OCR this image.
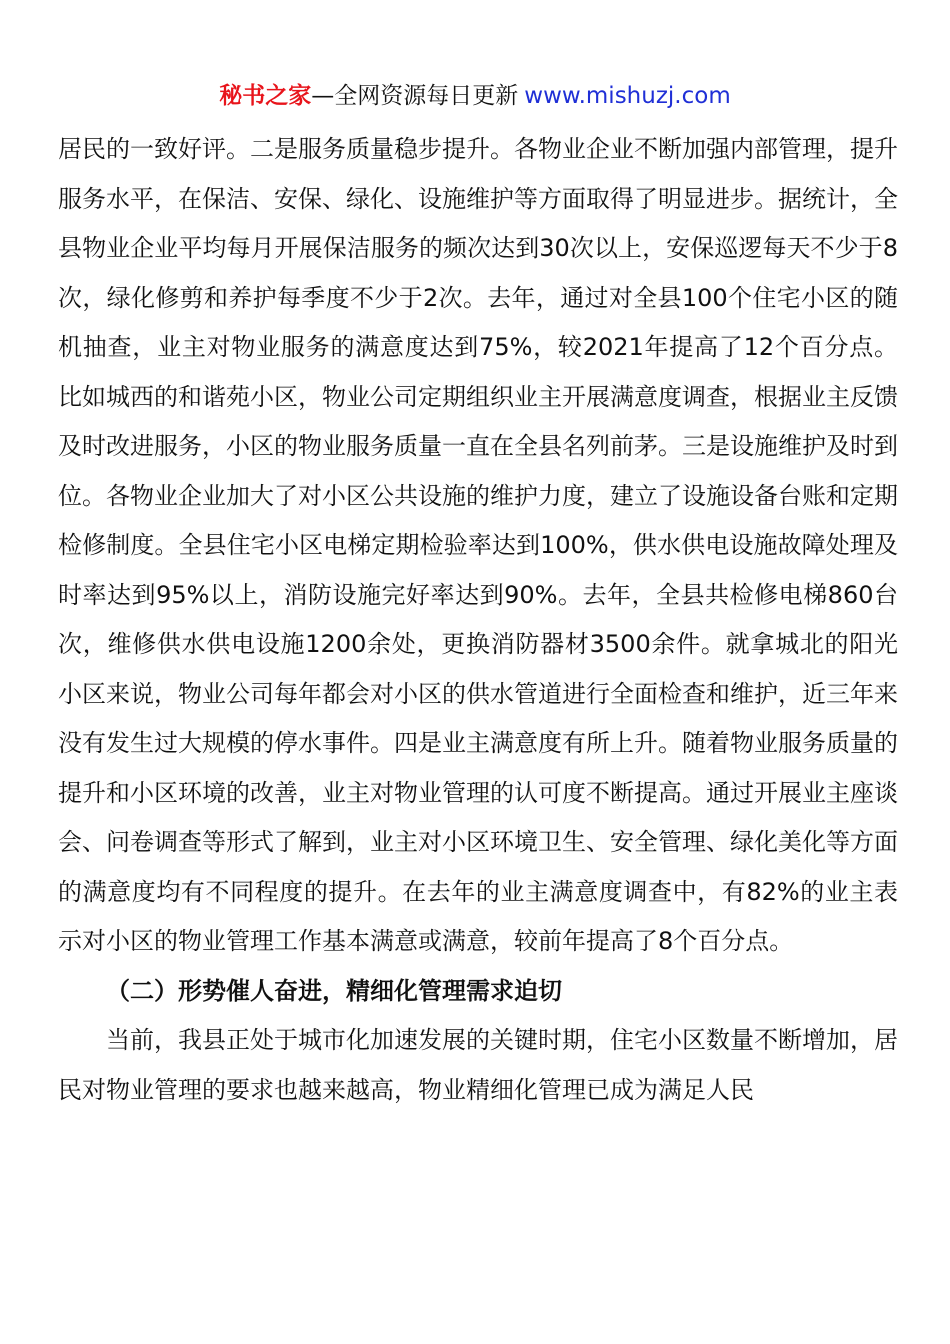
秘书之家—全网资源每日更新 www.mishuzj.com

居民的一致好评。二是服务质量稳步提升。各物业企业不断加强内部管理，提升服务水平，在保洁、安保、绿化、设施维护等方面取得了明显进步。据统计，全县物业企业平均每月开展保洁服务的频次达到30次以上，安保巡逻每天不少于8次，绿化修剪和养护每季度不少于2次。去年，通过对全县100个住宅小区的随机抽查，业主对物业服务的满意度达到75%，较2021年提高了12个百分点。比如城西的和谐苑小区，物业公司定期组织业主开展满意度调查，根据业主反馈及时改进服务，小区的物业服务质量一直在全县名列前茅。三是设施维护及时到位。各物业企业加大了对小区公共设施的维护力度，建立了设施设备台账和定期检修制度。全县住宅小区电梯定期检验率达到100%，供水供电设施故障处理及时率达到95%以上，消防设施完好率达到90%。去年，全县共检修电梯860台次，维修供水供电设施1200余处，更换消防器材3500余件。就拿城北的阳光小区来说，物业公司每年都会对小区的供水管道进行全面检查和维护，近三年来没有发生过大规模的停水事件。四是业主满意度有所上升。随着物业服务质量的提升和小区环境的改善，业主对物业管理的认可度不断提高。通过开展业主座谈会、问卷调查等形式了解到，业主对小区环境卫生、安全管理、绿化美化等方面的满意度均有不同程度的提升。在去年的业主满意度调查中，有82%的业主表示对小区的物业管理工作基本满意或满意，较前年提高了8个百分点。

（二）形势催人奋进，精细化管理需求迫切

当前，我县正处于城市化加速发展的关键时期，住宅小区数量不断增加，居民对物业管理的要求也越来越高，物业精细化管理已成为满足人民
